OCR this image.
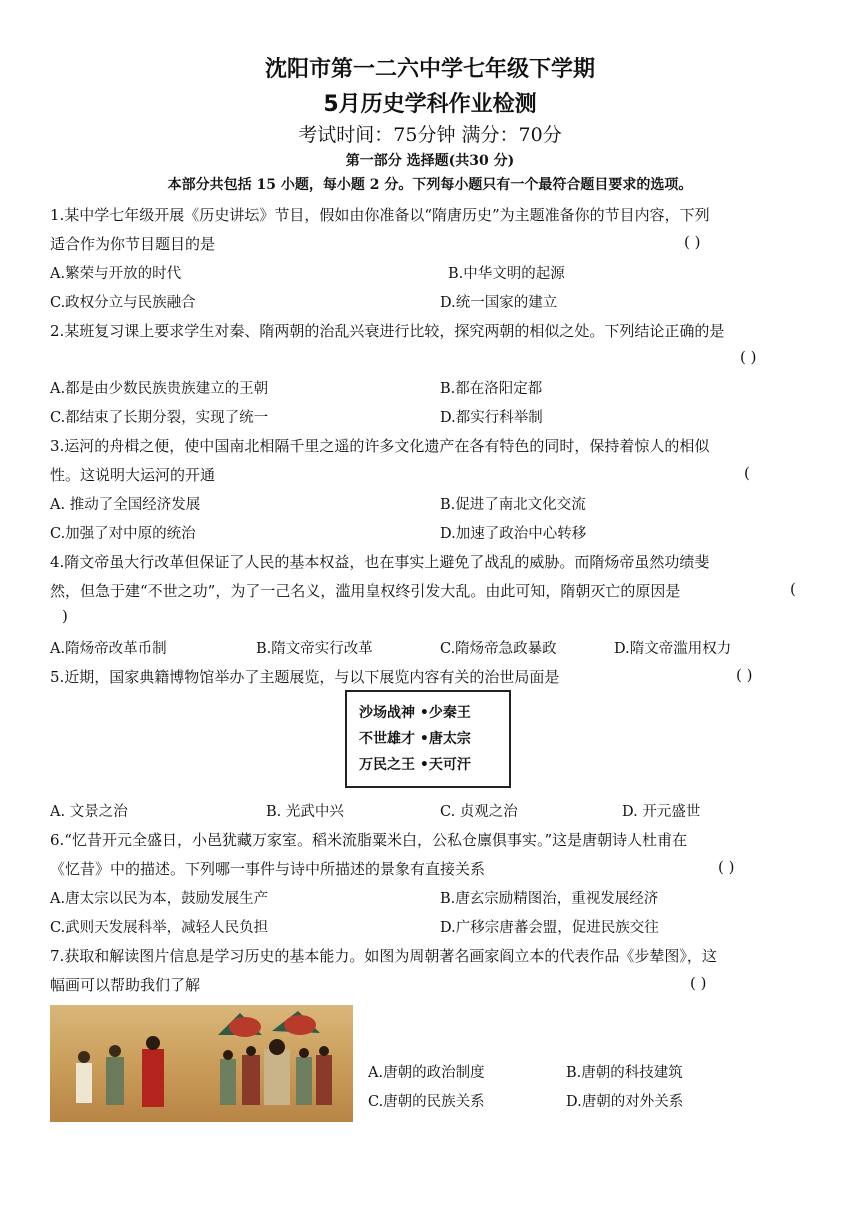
沈阳市第一二六中学七年级下学期
5月历史学科作业检测
考试时间：75分钟 满分：70分
第一部分 选择题(共30 分)
本部分共包括 15 小题，每小题 2 分。下列每小题只有一个最符合题目要求的选项。
1.某中学七年级开展《历史讲坛》节目，假如由你准备以“隋唐历史”为主题准备你的节目内容，下列
适合作为你节目题目的是	( )
A.繁荣与开放的时代	B.中华文明的起源
C.政权分立与民族融合	D.统一国家的建立
2.某班复习课上要求学生对秦、隋两朝的治乱兴衰进行比较，探究两朝的相似之处。下列结论正确的是
( )
A.都是由少数民族贵族建立的王朝	B.都在洛阳定都
C.都结束了长期分裂，实现了统一	D.都实行科举制
3.运河的舟楫之便，使中国南北相隔千里之遥的许多文化遗产在各有特色的同时，保持着惊人的相似
性。这说明大运河的开通	(
A. 推动了全国经济发展	B.促进了南北文化交流
C.加强了对中原的统治	D.加速了政治中心转移
4.隋文帝虽大行改革但保证了人民的基本权益，也在事实上避免了战乱的威胁。而隋炀帝虽然功绩斐
然，但急于建“不世之功”，为了一己名义，滥用皇权终引发大乱。由此可知，隋朝灭亡的原因是	(
)
A.隋炀帝改革币制	B.隋文帝实行改革	C.隋炀帝急政暴政	D.隋文帝滥用权力
5.近期，国家典籍博物馆举办了主题展览，与以下展览内容有关的治世局面是	( )
沙场战神 •少秦王
不世雄才 •唐太宗
万民之王 •天可汗
A. 文景之治	B. 光武中兴	C. 贞观之治	D. 开元盛世
6.“忆昔开元全盛日，小邑犹藏万家室。稻米流脂粟米白，公私仓廪俱事实。”这是唐朝诗人杜甫在
《忆昔》中的描述。下列哪一事件与诗中所描述的景象有直接关系	( )
A.唐太宗以民为本，鼓励发展生产	B.唐玄宗励精图治，重视发展经济
C.武则天发展科举，减轻人民负担	D.广移宗唐蕃会盟，促进民族交往
7.获取和解读图片信息是学习历史的基本能力。如图为周朝著名画家阎立本的代表作品《步辇图》，这
幅画可以帮助我们了解	( )
A.唐朝的政治制度	B.唐朝的科技建筑
C.唐朝的民族关系	D.唐朝的对外关系
